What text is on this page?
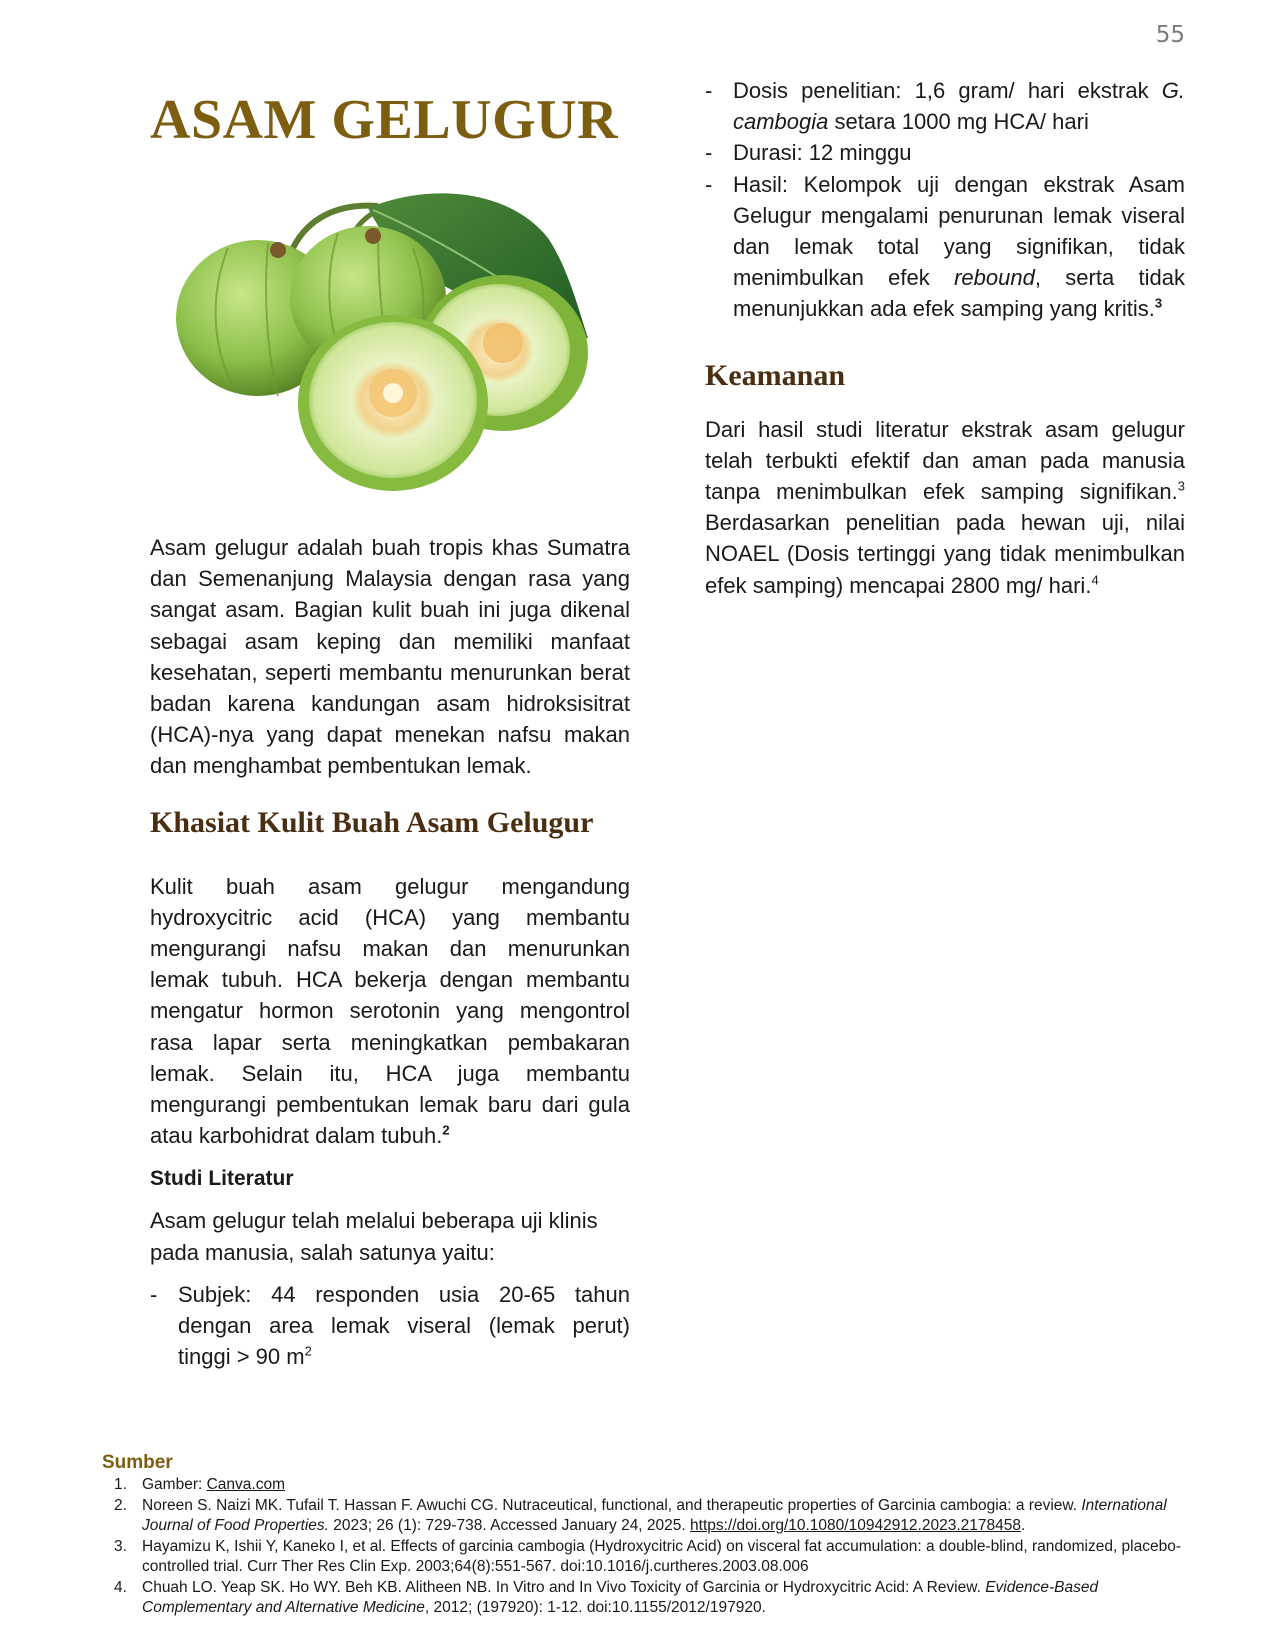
55
ASAM GELUGUR

Asam gelugur adalah buah tropis khas Sumatra dan Semenanjung Malaysia dengan rasa yang sangat asam. Bagian kulit buah ini juga dikenal sebagai asam keping dan memiliki manfaat kesehatan, seperti membantu menurunkan berat badan karena kandungan asam hidroksisitrat (HCA)-nya yang dapat menekan nafsu makan dan menghambat pembentukan lemak.

Khasiat Kulit Buah Asam Gelugur

Kulit buah asam gelugur mengandung hydroxycitric acid (HCA) yang membantu mengurangi nafsu makan dan menurunkan lemak tubuh. HCA bekerja dengan membantu mengatur hormon serotonin yang mengontrol rasa lapar serta meningkatkan pembakaran lemak. Selain itu, HCA juga membantu mengurangi pembentukan lemak baru dari gula atau karbohidrat dalam tubuh.$^2$

Studi Literatur

Asam gelugur telah melalui beberapa uji klinis pada manusia, salah satunya yaitu:

- Subjek: 44 responden usia 20-65 tahun dengan area lemak viseral (lemak perut) tinggi > 90 $m^2$
- Dosis penelitian: 1,6 gram/ hari ekstrak G. cambogia setara 1000 mg HCA/ hari
- Durasi: 12 minggu
- Hasil: Kelompok uji dengan ekstrak Asam Gelugur mengalami penurunan lemak viseral dan lemak total yang signifikan, tidak menimbulkan efek rebound, serta tidak menunjukkan ada efek samping yang kritis.$^3$
Keamanan

Dari hasil studi literatur ekstrak asam gelugur telah terbukti efektif dan aman pada manusia tanpa menimbulkan efek samping signifikan.$^3$ Berdasarkan penelitian pada hewan uji, nilai NOAEL (Dosis tertinggi yang tidak menimbulkan efek samping) mencapai 2800 mg/ hari.$^4$

Sumber
1. Gamber: Canva.com
2. Noreen S. Naizi MK. Tufail T. Hassan F. Awuchi CG. Nutraceutical, functional, and therapeutic properties of Garcinia cambogia: a review. International Journal of Food Properties. 2023; 26 (1): 729-738. Accessed January 24, 2025. https://doi.org/10.1080/10942912.2023.2178458.
3. Hayamizu K, Ishii Y, Kaneko I, et al. Effects of garcinia cambogia (Hydroxycitric Acid) on visceral fat accumulation: a double-blind, randomized, placebo-controlled trial. Curr Ther Res Clin Exp. 2003;64(8):551-567. doi:10.1016/j.curtheres.2003.08.006
4. Chuah LO. Yeap SK. Ho WY. Beh KB. Alitheen NB. In Vitro and In Vivo Toxicity of Garcinia or Hydroxycitric Acid: A Review. Evidence-Based Complementary and Alternative Medicine, 2012; (197920): 1-12. doi:10.1155/2012/197920.
